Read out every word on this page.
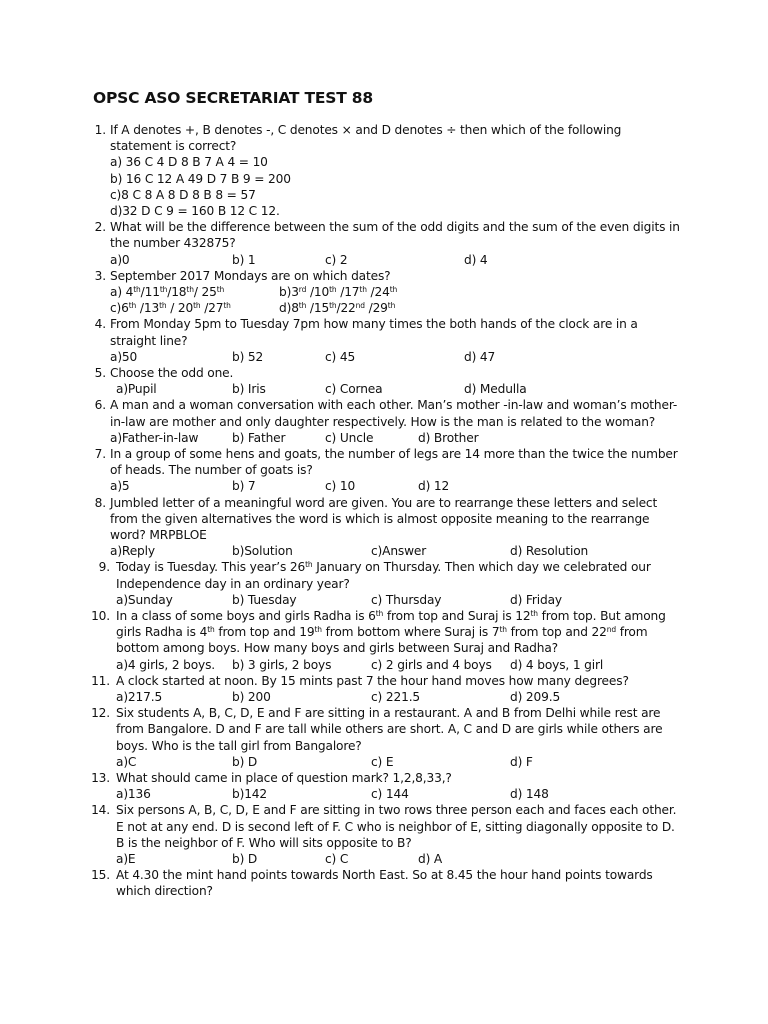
OPSC ASO SECRETARIAT TEST 88
1. If A denotes +, B denotes -, C denotes × and D denotes ÷ then which of the following statement is correct?
a) 36 C 4 D 8 B 7 A 4 = 10
b) 16 C 12 A 49 D 7 B 9 = 200
c)8 C 8 A 8 D 8 B 8 = 57
d)32 D C 9 = 160 B 12 C 12.
2. What will be the difference between the sum of the odd digits and the sum of the even digits in the number 432875?
a)0	b) 1	c) 2	d) 4
3. September 2017 Mondays are on which dates?
a) 4th/11th/18th/ 25th	b)3rd /10th /17th /24th
c)6th /13th / 20th /27th	d)8th /15th/22nd /29th
4. From Monday 5pm to Tuesday 7pm how many times the both hands of the clock are in a straight line?
a)50	b) 52	c) 45	d) 47
5. Choose the odd one.
a)Pupil	b) Iris	c) Cornea	d) Medulla
6. A man and a woman conversation with each other. Man’s mother -in-law and woman’s mother-in-law are mother and only daughter respectively. How is the man is related to the woman?
a)Father-in-law	b) Father	c) Uncle	d) Brother
7. In a group of some hens and goats, the number of legs are 14 more than the twice the number of heads. The number of goats is?
a)5	b) 7	c) 10	d) 12
8. Jumbled letter of a meaningful word are given. You are to rearrange these letters and select from the given alternatives the word is which is almost opposite meaning to the rearrange word? MRPBLOE
a)Reply	b)Solution	c)Answer	d) Resolution
9. Today is Tuesday. This year’s 26th January on Thursday. Then which day we celebrated our Independence day in an ordinary year?
a)Sunday	b) Tuesday	c) Thursday	d) Friday
10. In a class of some boys and girls Radha is 6th from top and Suraj is 12th from top. But among girls Radha is 4th from top and 19th from bottom where Suraj is 7th from top and 22nd from bottom among boys. How many boys and girls between Suraj and Radha?
a)4 girls, 2 boys. b) 3 girls, 2 boys	c) 2 girls and 4 boys d) 4 boys, 1 girl
11. A clock started at noon. By 15 mints past 7 the hour hand moves how many degrees?
a)217.5	b) 200	c) 221.5	d) 209.5
12. Six students A, B, C, D, E and F are sitting in a restaurant. A and B from Delhi while rest are from Bangalore. D and F are tall while others are short. A, C and D are girls while others are boys. Who is the tall girl from Bangalore?
a)C	b) D	c) E	d) F
13. What should came in place of question mark? 1,2,8,33,?
a)136	b)142	c) 144	d) 148
14. Six persons A, B, C, D, E and F are sitting in two rows three person each and faces each other. E not at any end. D is second left of F. C who is neighbor of E, sitting diagonally opposite to D. B is the neighbor of F. Who will sits opposite to B?
a)E	b) D	c) C	d) A
15. At 4.30 the mint hand points towards North East. So at 8.45 the hour hand points towards which direction?
